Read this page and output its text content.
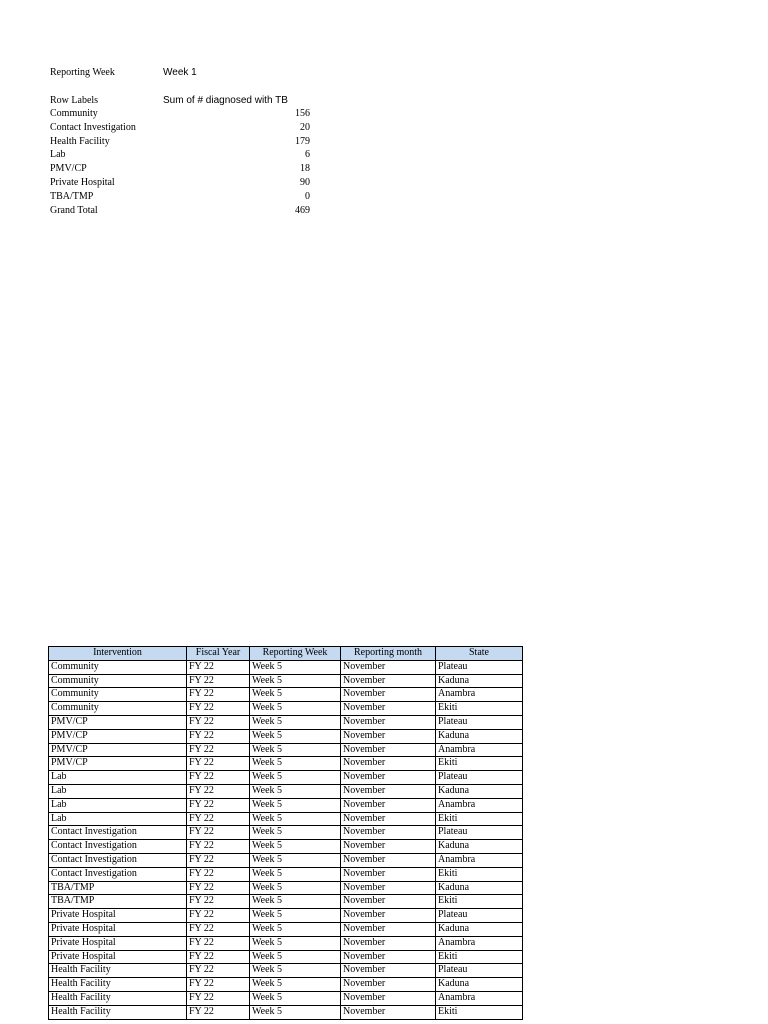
Reporting Week	Week 1
Row Labels	Sum of # diagnosed with TB
Community	156
Contact Investigation	20
Health Facility	179
Lab	6
PMV/CP	18
Private Hospital	90
TBA/TMP	0
Grand Total	469
Intervention	Fiscal Year	Reporting Week	Reporting month	State
Community	FY 22	Week 5	November	Plateau
Community	FY 22	Week 5	November	Kaduna
Community	FY 22	Week 5	November	Anambra
Community	FY 22	Week 5	November	Ekiti
PMV/CP	FY 22	Week 5	November	Plateau
PMV/CP	FY 22	Week 5	November	Kaduna
PMV/CP	FY 22	Week 5	November	Anambra
PMV/CP	FY 22	Week 5	November	Ekiti
Lab	FY 22	Week 5	November	Plateau
Lab	FY 22	Week 5	November	Kaduna
Lab	FY 22	Week 5	November	Anambra
Lab	FY 22	Week 5	November	Ekiti
Contact Investigation	FY 22	Week 5	November	Plateau
Contact Investigation	FY 22	Week 5	November	Kaduna
Contact Investigation	FY 22	Week 5	November	Anambra
Contact Investigation	FY 22	Week 5	November	Ekiti
TBA/TMP	FY 22	Week 5	November	Kaduna
TBA/TMP	FY 22	Week 5	November	Ekiti
Private Hospital	FY 22	Week 5	November	Plateau
Private Hospital	FY 22	Week 5	November	Kaduna
Private Hospital	FY 22	Week 5	November	Anambra
Private Hospital	FY 22	Week 5	November	Ekiti
Health Facility	FY 22	Week 5	November	Plateau
Health Facility	FY 22	Week 5	November	Kaduna
Health Facility	FY 22	Week 5	November	Anambra
Health Facility	FY 22	Week 5	November	Ekiti
